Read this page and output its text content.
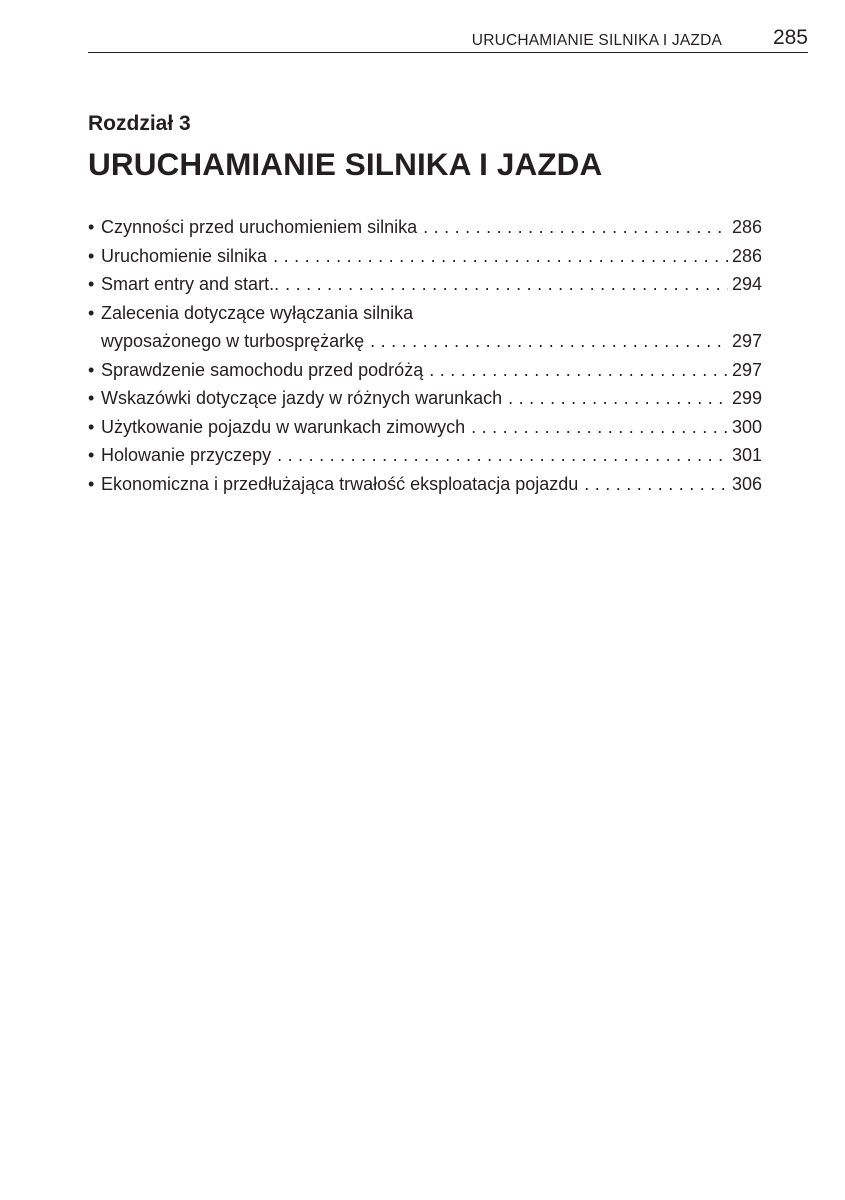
URUCHAMIANIE SILNIKA I JAZDA 285
Rozdział 3
URUCHAMIANIE SILNIKA I JAZDA
• Czynności przed uruchomieniem silnika . . .	286
• Uruchomienie silnika . . .	286
• Smart entry and start.. . . .	294
• Zalecenia dotyczące wyłączania silnika
wyposażonego w turbosprężarkę . . .	297
• Sprawdzenie samochodu przed podróżą . . .	297
• Wskazówki dotyczące jazdy w różnych warunkach . . .	299
• Użytkowanie pojazdu w warunkach zimowych . . .	300
• Holowanie przyczepy . . .	301
• Ekonomiczna i przedłużająca trwałość eksploatacja pojazdu . . .	306
